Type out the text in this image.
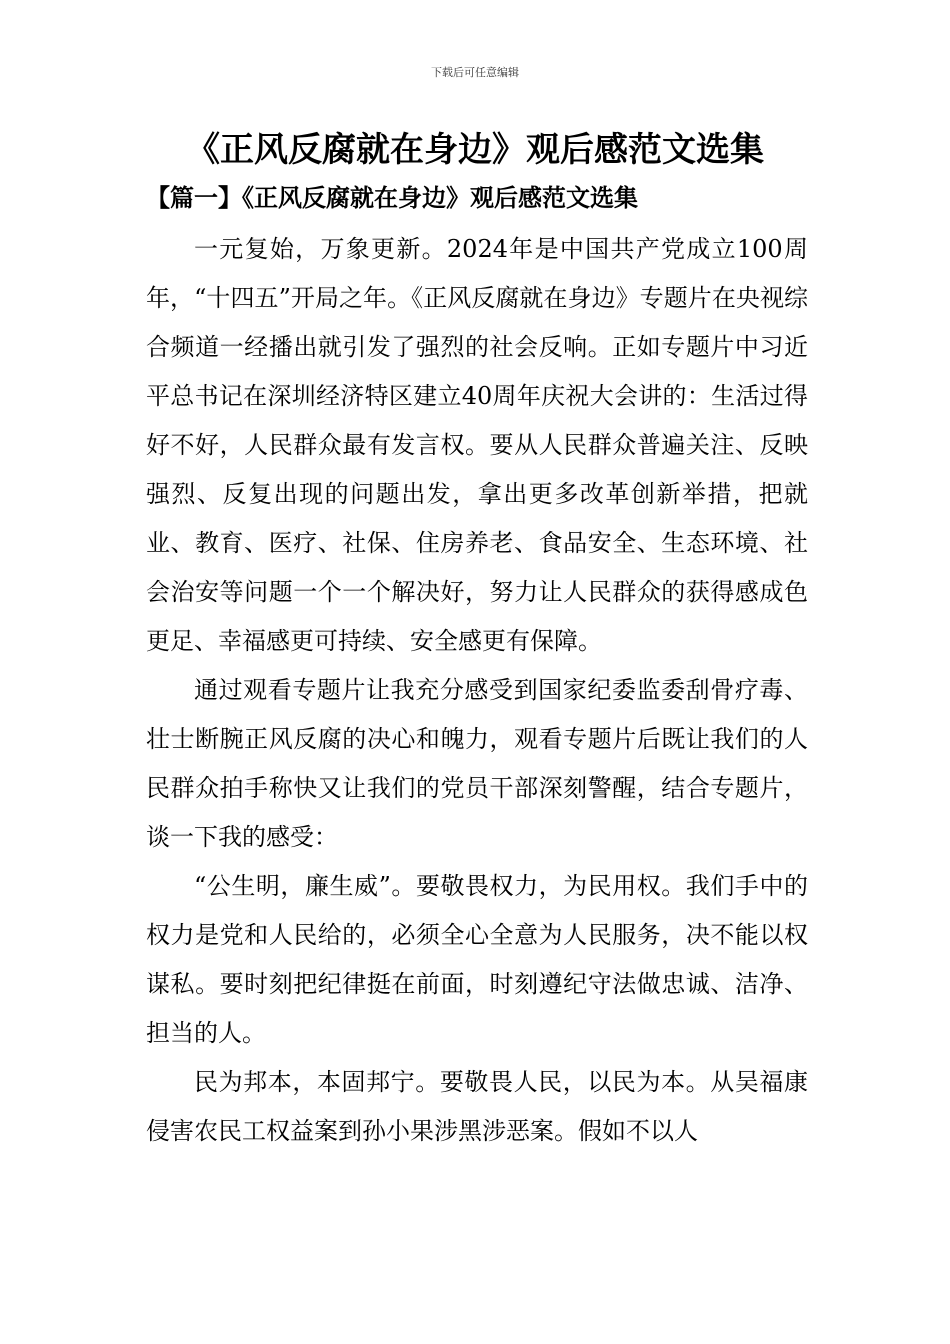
下载后可任意编辑
《正风反腐就在身边》观后感范文选集
【篇一】《正风反腐就在身边》观后感范文选集

一元复始，万象更新。2024年是中国共产党成立100周年，“十四五”开局之年。《正风反腐就在身边》专题片在央视综合频道一经播出就引发了强烈的社会反响。正如专题片中习近平总书记在深圳经济特区建立40周年庆祝大会讲的：生活过得好不好，人民群众最有发言权。要从人民群众普遍关注、反映强烈、反复出现的问题出发，拿出更多改革创新举措，把就业、教育、医疗、社保、住房养老、食品安全、生态环境、社会治安等问题一个一个解决好，努力让人民群众的获得感成色更足、幸福感更可持续、安全感更有保障。

通过观看专题片让我充分感受到国家纪委监委刮骨疗毒、壮士断腕正风反腐的决心和魄力，观看专题片后既让我们的人民群众拍手称快又让我们的党员干部深刻警醒，结合专题片，谈一下我的感受：

“公生明，廉生威”。要敬畏权力，为民用权。我们手中的权力是党和人民给的，必须全心全意为人民服务，决不能以权谋私。要时刻把纪律挺在前面，时刻遵纪守法做忠诚、洁净、担当的人。

民为邦本，本固邦宁。要敬畏人民，以民为本。从吴福康侵害农民工权益案到孙小果涉黑涉恶案。假如不以人
